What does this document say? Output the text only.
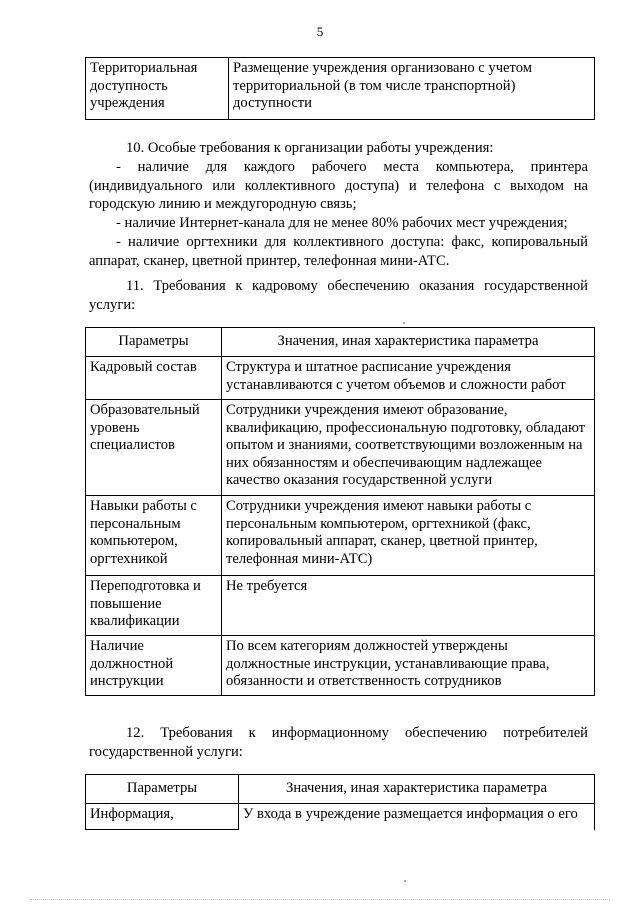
5
Территориальная доступность учреждения	Размещение учреждения организовано с учетом территориальной (в том числе транспортной) доступности
10. Особые требования к организации работы учреждения:
- наличие для каждого рабочего места компьютера, принтера
(индивидуального или коллективного доступа) и телефона с выходом на
городскую линию и междугородную связь;
- наличие Интернет-канала для не менее 80% рабочих мест учреждения;
- наличие оргтехники для коллективного доступа: факс, копировальный
аппарат, сканер, цветной принтер, телефонная мини-АТС.
11. Требования к кадровому обеспечению оказания государственной
услуги:
Параметры	Значения, иная характеристика параметра
Кадровый состав	Структура и штатное расписание учреждения устанавливаются с учетом объемов и сложности работ
Образовательный уровень специалистов	Сотрудники учреждения имеют образование, квалификацию, профессиональную подготовку, обладают опытом и знаниями, соответствующими возложенным на них обязанностям и обеспечивающим надлежащее качество оказания государственной услуги
Навыки работы с персональным компьютером, оргтехникой	Сотрудники учреждения имеют навыки работы с персональным компьютером, оргтехникой (факс, копировальный аппарат, сканер, цветной принтер, телефонная мини-АТС)
Переподготовка и повышение квалификации	Не требуется
Наличие должностной инструкции	По всем категориям должностей утверждены должностные инструкции, устанавливающие права, обязанности и ответственность сотрудников
12. Требования к информационному обеспечению потребителей
государственной услуги:
Параметры	Значения, иная характеристика параметра
Информация,	У входа в учреждение размещается информация о его
